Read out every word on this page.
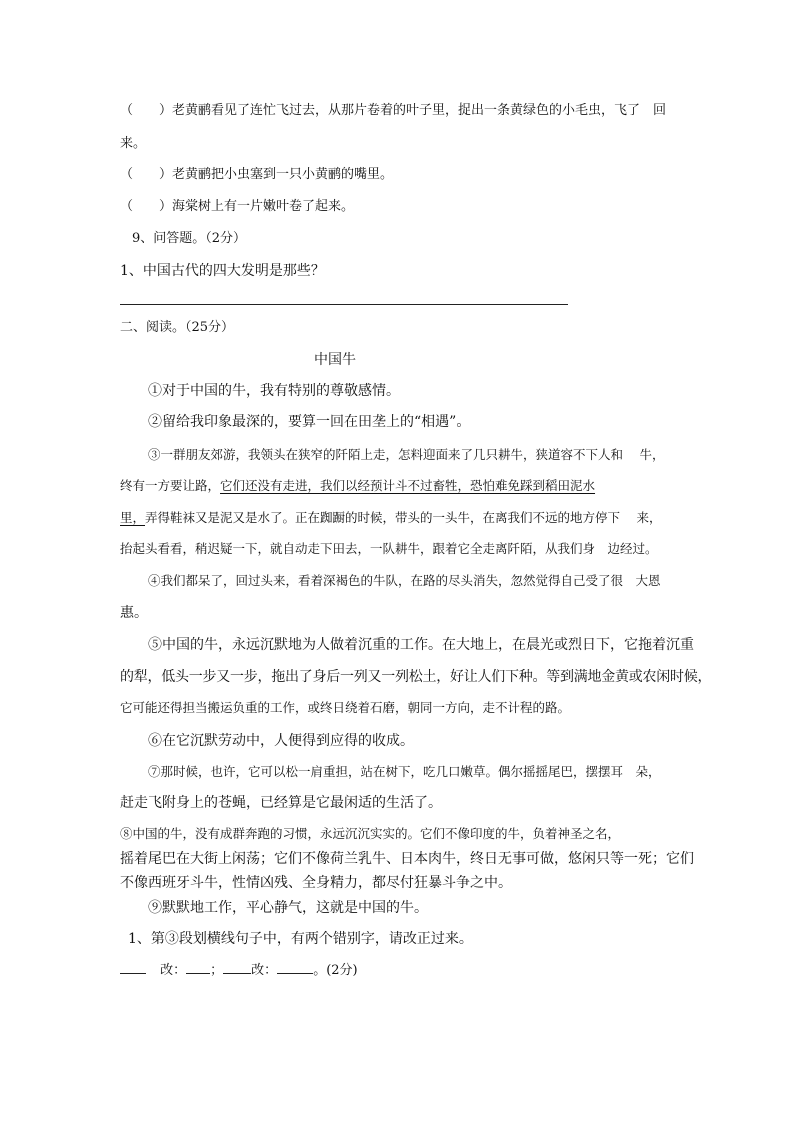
（　　）老黄鹂看见了连忙飞过去，从那片卷着的叶子里，捉出一条黄绿色的小毛虫，飞了　回
来。
（　　）老黄鹂把小虫塞到一只小黄鹂的嘴里。
（　　）海棠树上有一片嫩叶卷了起来。
9、问答题。（2分）
1、中国古代的四大发明是那些？
二、阅读。（25分）
中国牛
①对于中国的牛，我有特别的尊敬感情。
②留给我印象最深的，要算一回在田垄上的“相遇”。
③一群朋友郊游，我领头在狭窄的阡陌上走，怎料迎面来了几只耕牛，狭道容不下人和　 牛，
终有一方要让路，它们还没有走进，我们以经预计斗不过畜牲，恐怕难免踩到稻田泥水
里，弄得鞋袜又是泥又是水了。正在踟蹰的时候，带头的一头牛，在离我们不远的地方停下　 来，
抬起头看看，稍迟疑一下，就自动走下田去，一队耕牛，跟着它全走离阡陌，从我们身　边经过。
④我们都呆了，回过头来，看着深褐色的牛队，在路的尽头消失，忽然觉得自己受了很　大恩
惠。
⑤中国的牛，永远沉默地为人做着沉重的工作。在大地上，在晨光或烈日下，它拖着沉重
的犁，低头一步又一步，拖出了身后一列又一列松土，好让人们下种。等到满地金黄或农闲时候，
它可能还得担当搬运负重的工作，或终日绕着石磨，朝同一方向，走不计程的路。
⑥在它沉默劳动中，人便得到应得的收成。
⑦那时候，也许，它可以松一肩重担，站在树下，吃几口嫩草。偶尔摇摇尾巴，摆摆耳　朵，
赶走飞附身上的苍蝇，已经算是它最闲适的生活了。
⑧中国的牛，没有成群奔跑的习惯，永远沉沉实实的。它们不像印度的牛，负着神圣之名，
摇着尾巴在大街上闲荡；它们不像荷兰乳牛、日本肉牛，终日无事可做，悠闲只等一死；它们
不像西班牙斗牛，性情凶残、全身精力，都尽付狂暴斗争之中。
⑨默默地工作，平心静气，这就是中国的牛。
1、第③段划横线句子中，有两个错别字，请改正过来。
改： ； 改：	。(2分)
